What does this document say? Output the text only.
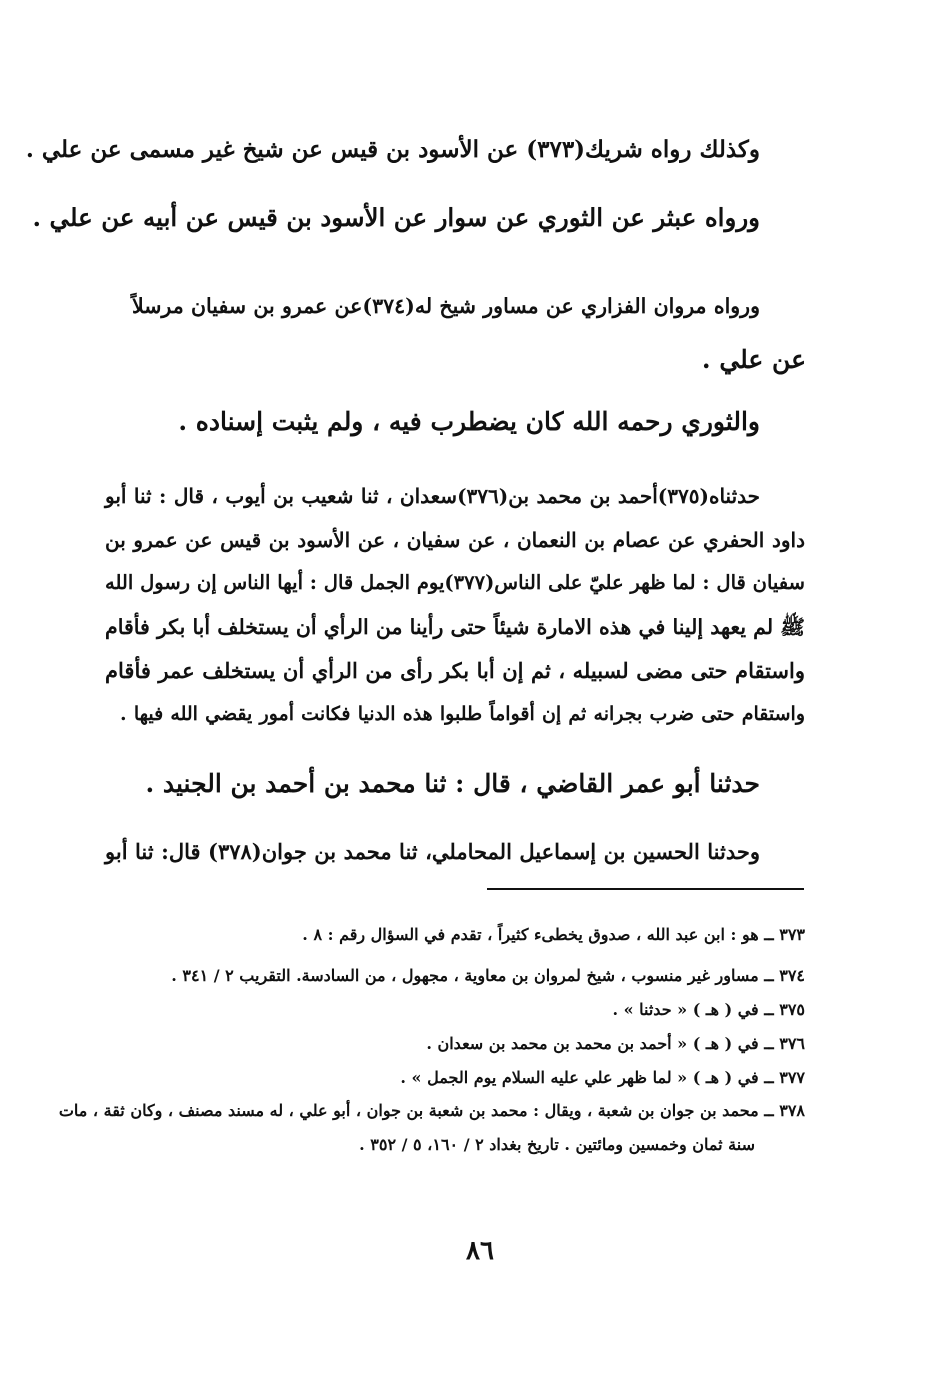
وكذلك رواه شريك(٣٧٣) عن الأسود بن قيس عن شيخ غير مسمى عن علي .
ورواه عبثر عن الثوري عن سوار عن الأسود بن قيس عن أبيه عن علي .
ورواه مروان الفزاري عن مساور شيخ له(٣٧٤)عن عمرو بن سفيان مرسلاً
عن علي .
والثوري رحمه الله كان يضطرب فيه ، ولم يثبت إسناده .
حدثناه(٣٧٥)أحمد بن محمد بن(٣٧٦)سعدان ، ثنا شعيب بن أيوب ، قال : ثنا أبو
داود الحفري عن عصام بن النعمان ، عن سفيان ، عن الأسود بن قيس عن عمرو بن
سفيان قال : لما ظهر عليّ على الناس(٣٧٧)يوم الجمل قال : أيها الناس إن رسول الله
ﷺ لم يعهد إلينا في هذه الامارة شيئاً حتى رأينا من الرأي أن يستخلف أبا بكر فأقام
واستقام حتى مضى لسبيله ، ثم إن أبا بكر رأى من الرأي أن يستخلف عمر فأقام
واستقام حتى ضرب بجرانه ثم إن أقواماً طلبوا هذه الدنيا فكانت أمور يقضي الله فيها .
حدثنا أبو عمر القاضي ، قال : ثنا محمد بن أحمد بن الجنيد .
وحدثنا الحسين بن إسماعيل المحاملي، ثنا محمد بن جوان(٣٧٨) قال: ثنا أبو
٣٧٣ ــ هو : ابن عبد الله ، صدوق يخطىء كثيراً ، تقدم في السؤال رقم : ٨ .
٣٧٤ ــ مساور غير منسوب ، شيخ لمروان بن معاوية ، مجهول ، من السادسة. التقريب ٢ / ٣٤١ .
٣٧٥ ــ في ( هـ ) « حدثنا » .
٣٧٦ ــ في ( هـ ) « أحمد بن محمد بن محمد بن سعدان .
٣٧٧ ــ في ( هـ ) « لما ظهر علي عليه السلام يوم الجمل » .
٣٧٨ ــ محمد بن جوان بن شعبة ، ويقال : محمد بن شعبة بن جوان ، أبو علي ، له مسند مصنف ، وكان ثقة ، مات
سنة ثمان وخمسين ومائتين . تاريخ بغداد ٢ / ١٦٠، ٥ / ٣٥٢ .
٨٦
